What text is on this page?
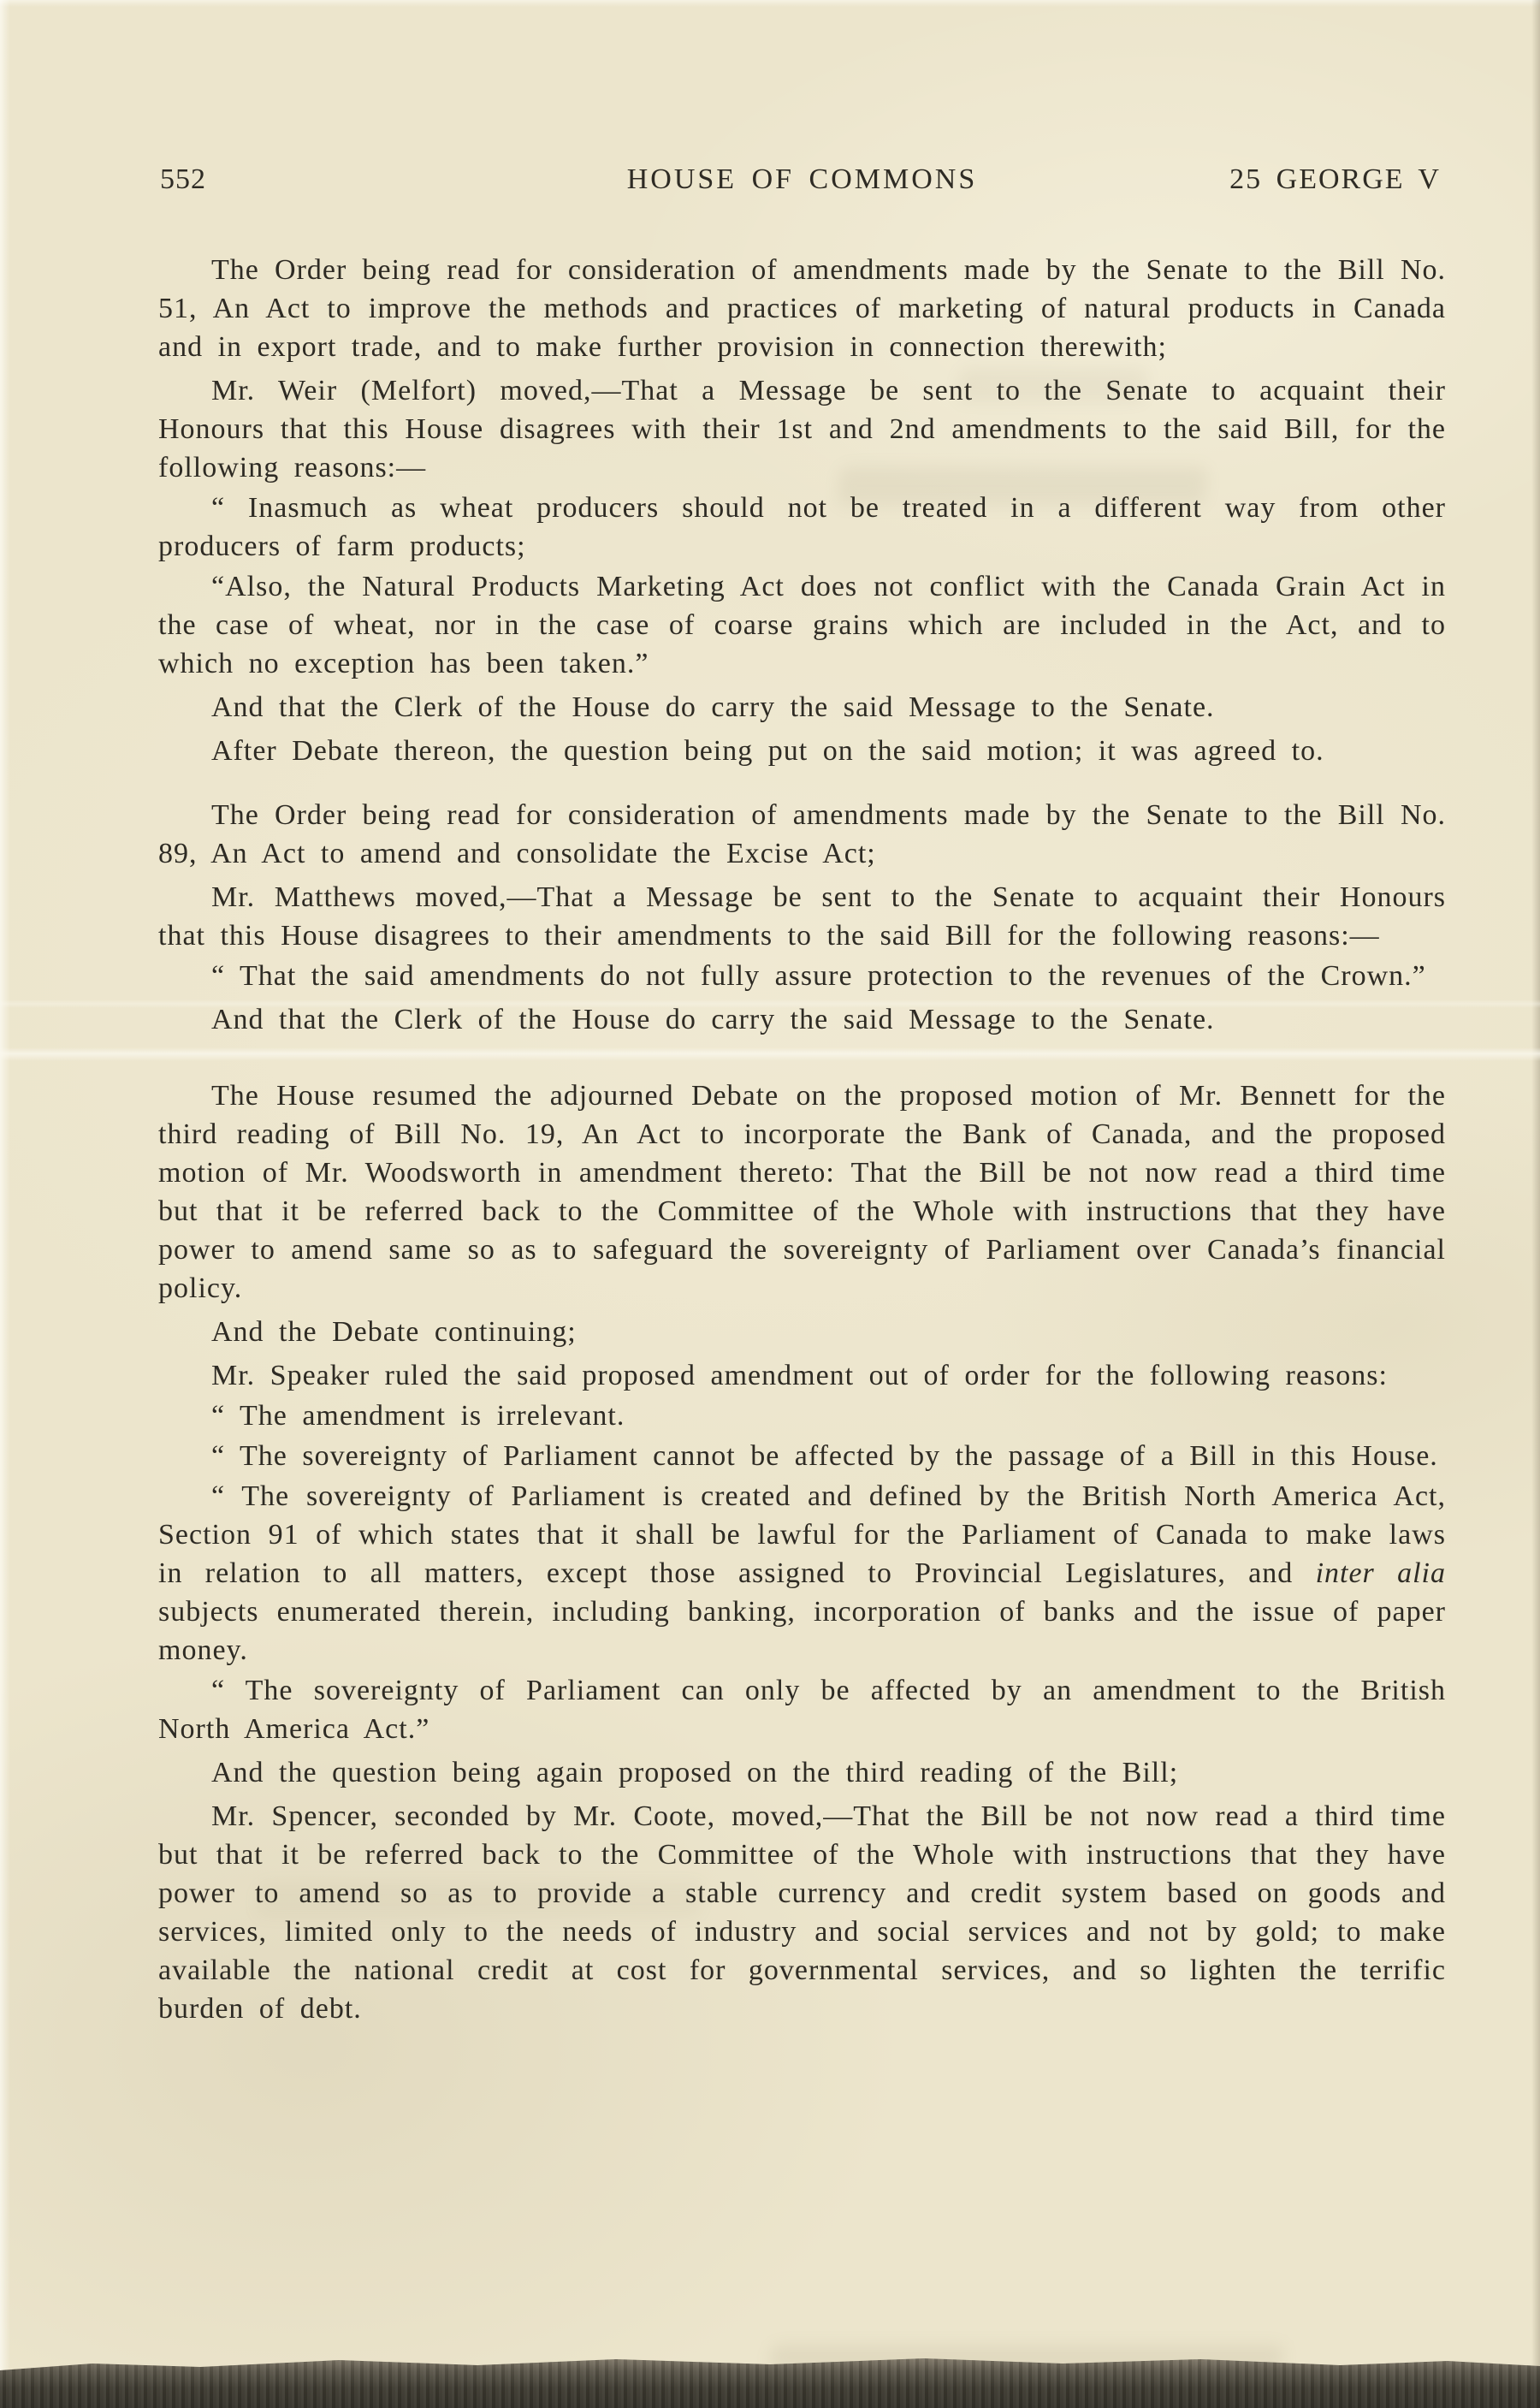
552	HOUSE OF COMMONS	25 GEORGE V

The Order being read for consideration of amendments made by the Senate to the Bill No. 51, An Act to improve the methods and practices of marketing of natural products in Canada and in export trade, and to make further provision in connection therewith;

Mr. Weir (Melfort) moved,—That a Message be sent to the Senate to acquaint their Honours that this House disagrees with their 1st and 2nd amendments to the said Bill, for the following reasons:—

“ Inasmuch as wheat producers should not be treated in a different way from other producers of farm products;

“Also, the Natural Products Marketing Act does not conflict with the Canada Grain Act in the case of wheat, nor in the case of coarse grains which are included in the Act, and to which no exception has been taken.”

And that the Clerk of the House do carry the said Message to the Senate.

After Debate thereon, the question being put on the said motion; it was agreed to.

The Order being read for consideration of amendments made by the Senate to the Bill No. 89, An Act to amend and consolidate the Excise Act;

Mr. Matthews moved,—That a Message be sent to the Senate to acquaint their Honours that this House disagrees to their amendments to the said Bill for the following reasons:—

“ That the said amendments do not fully assure protection to the revenues of the Crown.”

And that the Clerk of the House do carry the said Message to the Senate.

The House resumed the adjourned Debate on the proposed motion of Mr. Bennett for the third reading of Bill No. 19, An Act to incorporate the Bank of Canada, and the proposed motion of Mr. Woodsworth in amendment thereto: That the Bill be not now read a third time but that it be referred back to the Committee of the Whole with instructions that they have power to amend same so as to safeguard the sovereignty of Parliament over Canada’s financial policy.

And the Debate continuing;

Mr. Speaker ruled the said proposed amendment out of order for the following reasons:

“ The amendment is irrelevant.

“ The sovereignty of Parliament cannot be affected by the passage of a Bill in this House.

“ The sovereignty of Parliament is created and defined by the British North America Act, Section 91 of which states that it shall be lawful for the Parliament of Canada to make laws in relation to all matters, except those assigned to Provincial Legislatures, and inter alia subjects enumerated therein, including banking, incorporation of banks and the issue of paper money.

“ The sovereignty of Parliament can only be affected by an amendment to the British North America Act.”

And the question being again proposed on the third reading of the Bill;

Mr. Spencer, seconded by Mr. Coote, moved,—That the Bill be not now read a third time but that it be referred back to the Committee of the Whole with instructions that they have power to amend so as to provide a stable currency and credit system based on goods and services, limited only to the needs of industry and social services and not by gold; to make available the national credit at cost for governmental services, and so lighten the terrific burden of debt.
